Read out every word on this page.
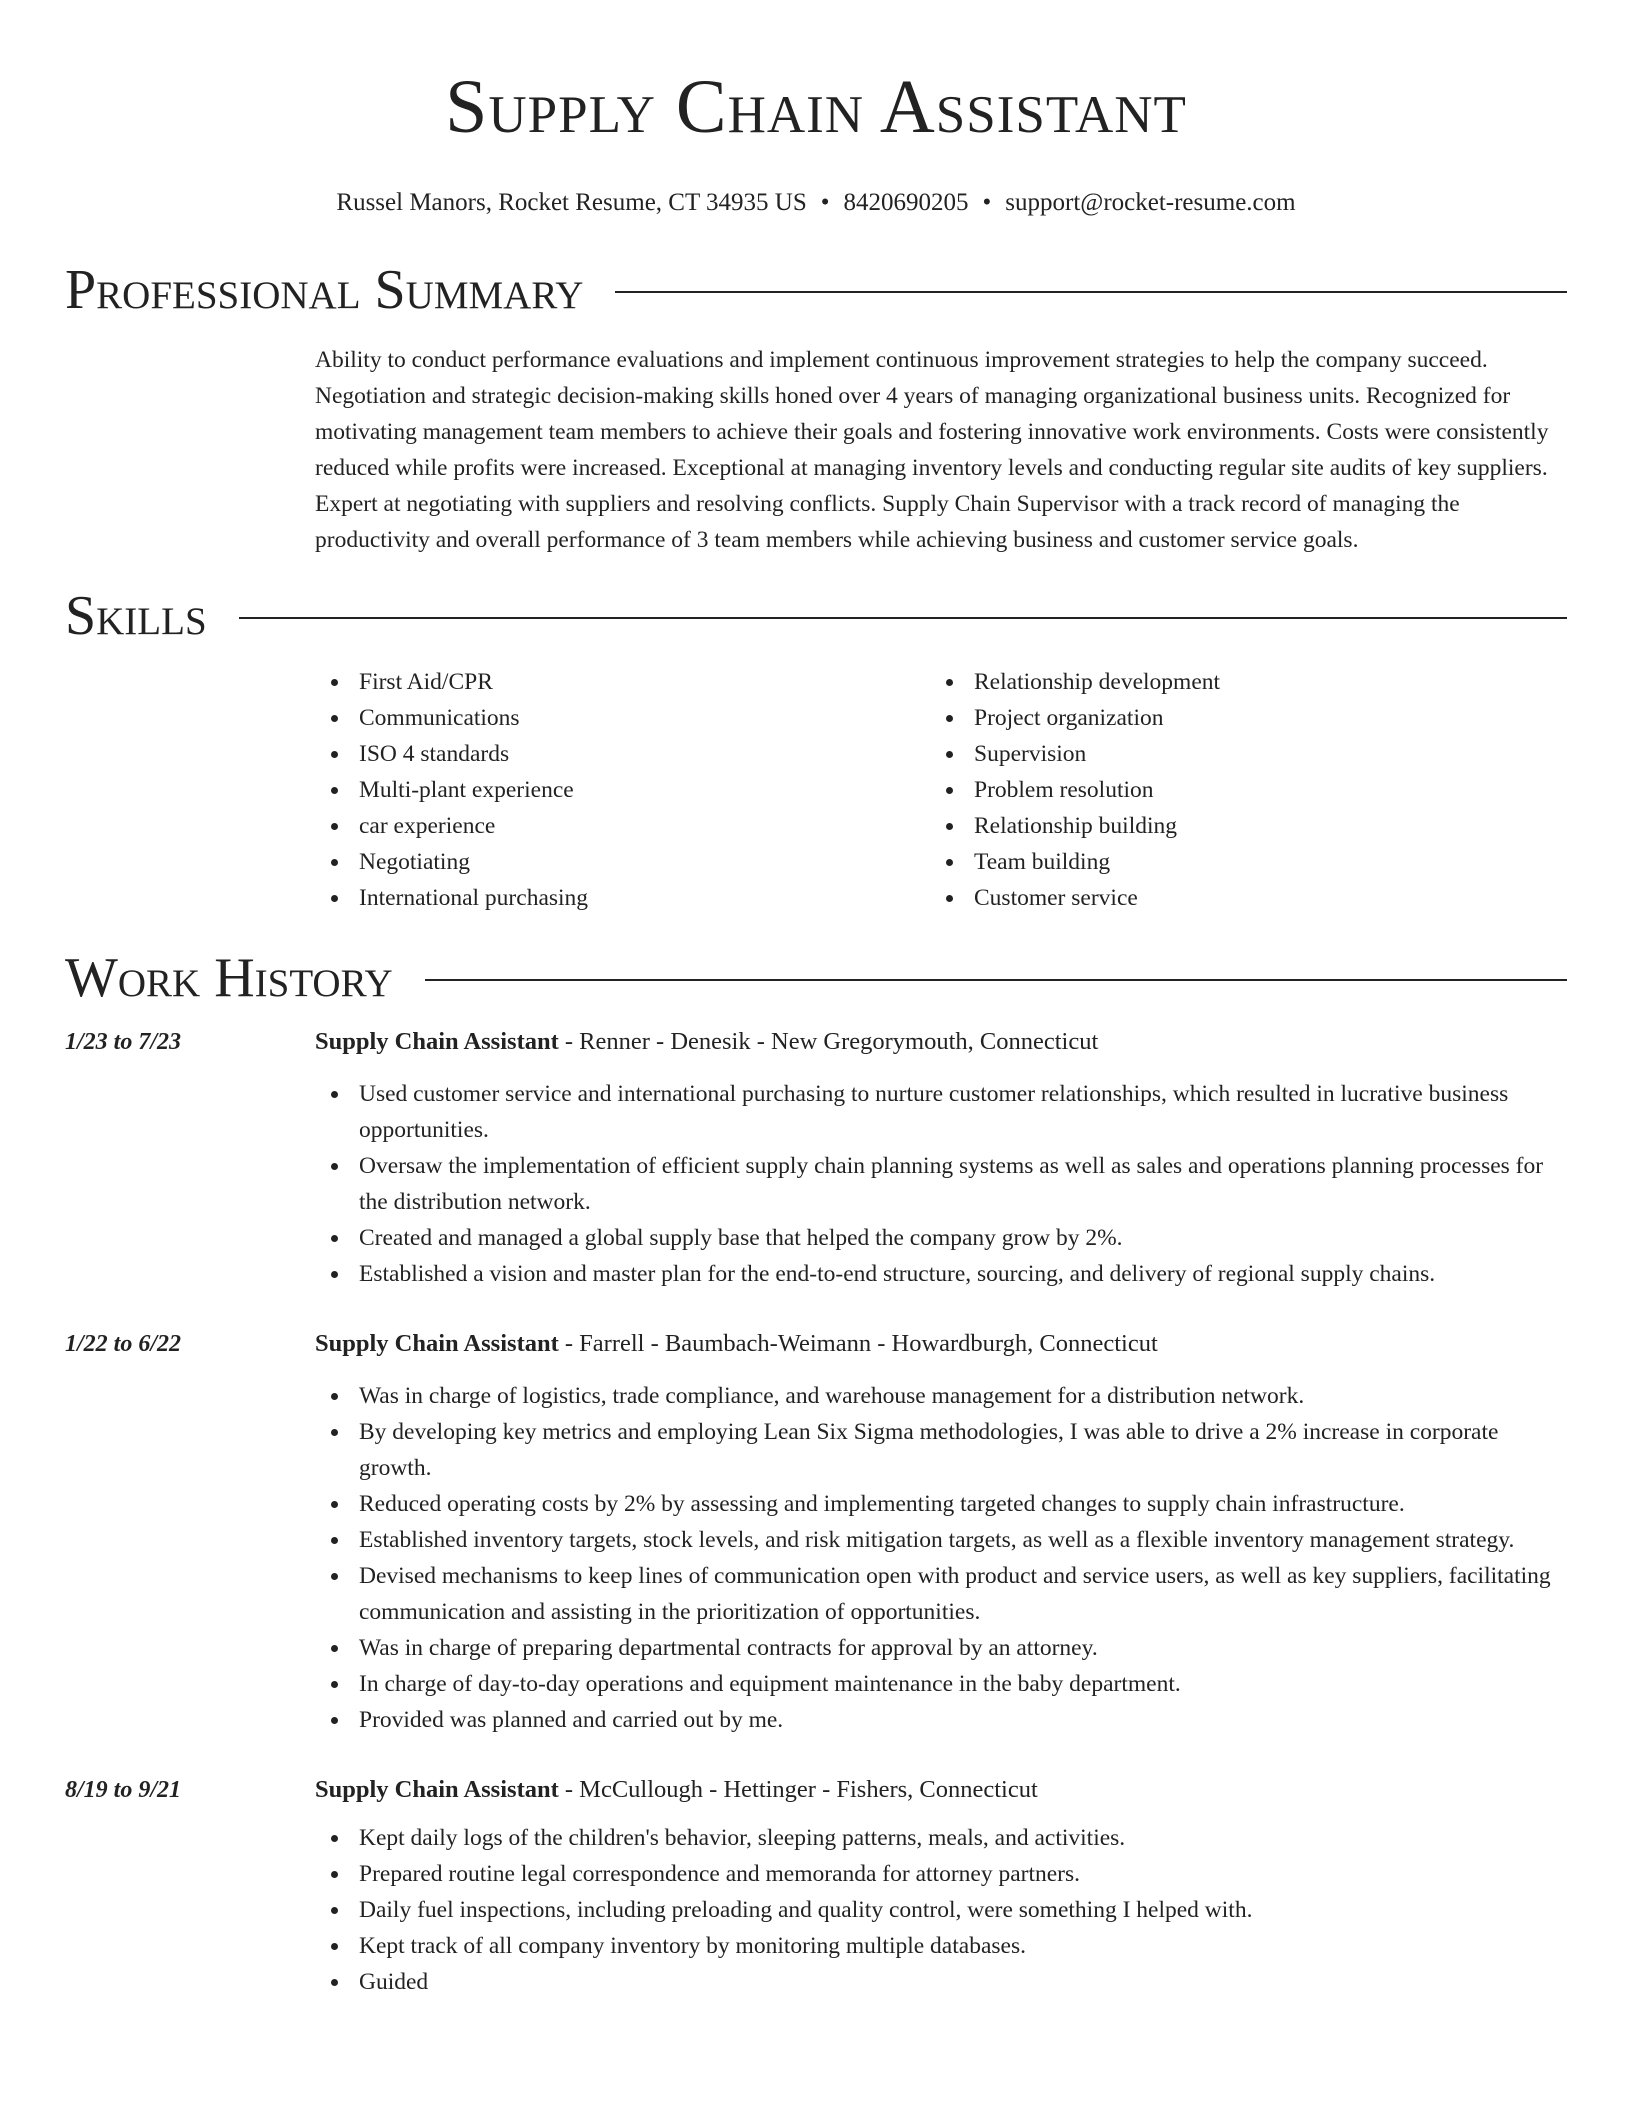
Supply Chain Assistant
Russel Manors, Rocket Resume, CT 34935 US • 8420690205 • support@rocket-resume.com
Professional Summary

Ability to conduct performance evaluations and implement continuous improvement strategies to help the company succeed. Negotiation and strategic decision-making skills honed over 4 years of managing organizational business units. Recognized for motivating management team members to achieve their goals and fostering innovative work environments. Costs were consistently reduced while profits were increased. Exceptional at managing inventory levels and conducting regular site audits of key suppliers. Expert at negotiating with suppliers and resolving conflicts. Supply Chain Supervisor with a track record of managing the productivity and overall performance of 3 team members while achieving business and customer service goals.

Skills
First Aid/CPR
Communications
ISO 4 standards
Multi-plant experience
car experience
Negotiating
International purchasing
Relationship development
Project organization
Supervision
Problem resolution
Relationship building
Team building
Customer service
Work History
1/23 to 7/23	Supply Chain Assistant - Renner - Denesik - New Gregorymouth, Connecticut
Used customer service and international purchasing to nurture customer relationships, which resulted in lucrative business opportunities.
Oversaw the implementation of efficient supply chain planning systems as well as sales and operations planning processes for the distribution network.
Created and managed a global supply base that helped the company grow by 2%.
Established a vision and master plan for the end-to-end structure, sourcing, and delivery of regional supply chains.
1/22 to 6/22	Supply Chain Assistant - Farrell - Baumbach-Weimann - Howardburgh, Connecticut
Was in charge of logistics, trade compliance, and warehouse management for a distribution network.
By developing key metrics and employing Lean Six Sigma methodologies, I was able to drive a 2% increase in corporate growth.
Reduced operating costs by 2% by assessing and implementing targeted changes to supply chain infrastructure.
Established inventory targets, stock levels, and risk mitigation targets, as well as a flexible inventory management strategy.
Devised mechanisms to keep lines of communication open with product and service users, as well as key suppliers, facilitating communication and assisting in the prioritization of opportunities.
Was in charge of preparing departmental contracts for approval by an attorney.
In charge of day-to-day operations and equipment maintenance in the baby department.
Provided was planned and carried out by me.
8/19 to 9/21	Supply Chain Assistant - McCullough - Hettinger - Fishers, Connecticut
Kept daily logs of the children's behavior, sleeping patterns, meals, and activities.
Prepared routine legal correspondence and memoranda for attorney partners.
Daily fuel inspections, including preloading and quality control, were something I helped with.
Kept track of all company inventory by monitoring multiple databases.
Guided
